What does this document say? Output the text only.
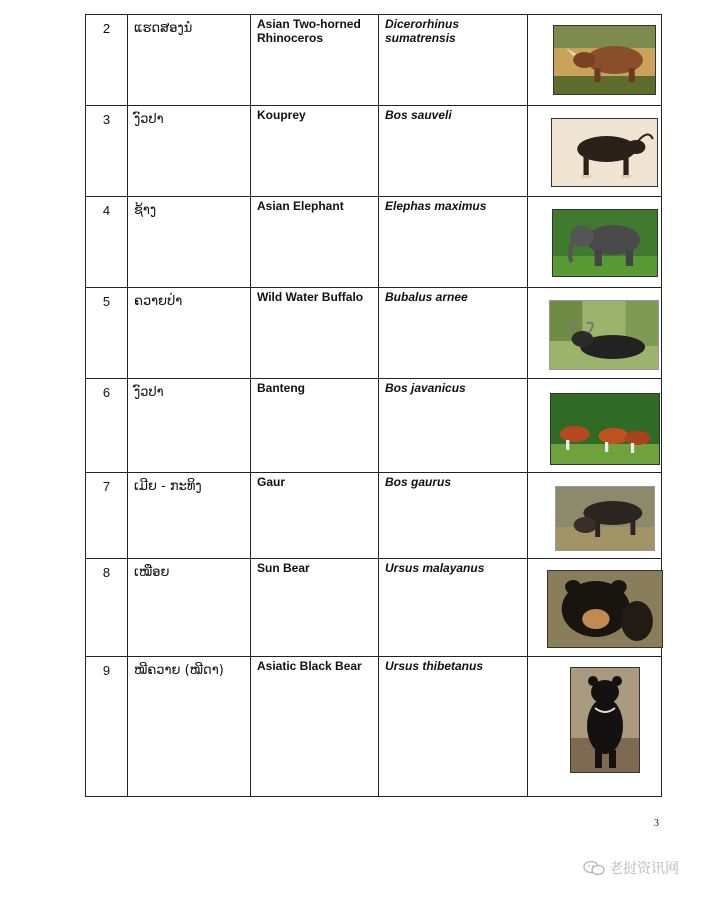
2	ແຮດສອງນໍ	Asian Two-horned Rhinoceros	Dicerorhinus sumatrensis	

3	ງົວປາ	Kouprey	Bos sauveli	

4	ຊ້າງ	Asian Elephant	Elephas maximus	

5	ຄວາຍປ່າ	Wild Water Buffalo	Bubalus arnee	

6	ງົວປາ	Banteng	Bos javanicus	

7	ເມີຍ - ກະທິງ	Gaur	Bos gaurus	

8	ເໝືອຍ	Sun Bear	Ursus malayanus	

9	ໝີຄວາຍ (ໝີດາ)	Asiatic Black Bear	Ursus thibetanus	
3
老挝资讯网
